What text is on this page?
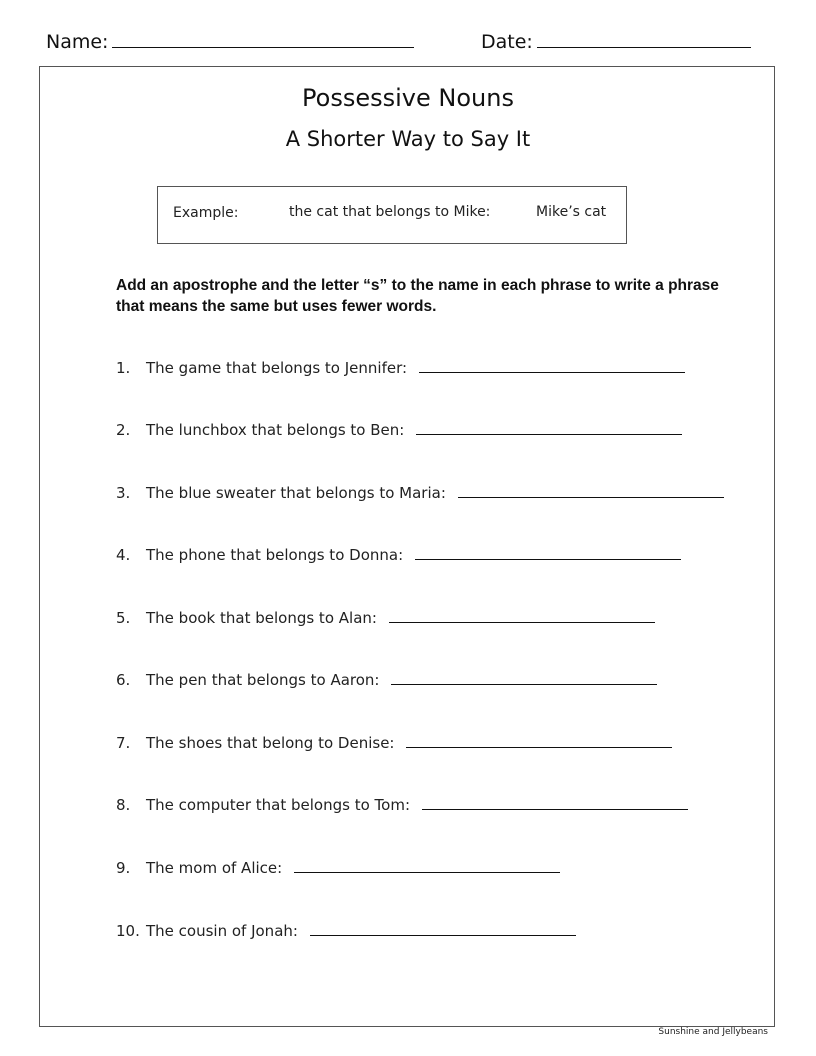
Name:	Date:
Possessive Nouns
A Shorter Way to Say It
Example:	the cat that belongs to Mike:	Mike’s cat
Add an apostrophe and the letter “s” to the name in each phrase to write a phrase that means the same but uses fewer words.
1. The game that belongs to Jennifer:
2. The lunchbox that belongs to Ben:
3. The blue sweater that belongs to Maria:
4. The phone that belongs to Donna:
5. The book that belongs to Alan:
6. The pen that belongs to Aaron:
7. The shoes that belong to Denise:
8. The computer that belongs to Tom:
9. The mom of Alice:
10. The cousin of Jonah:
Sunshine and Jellybeans
